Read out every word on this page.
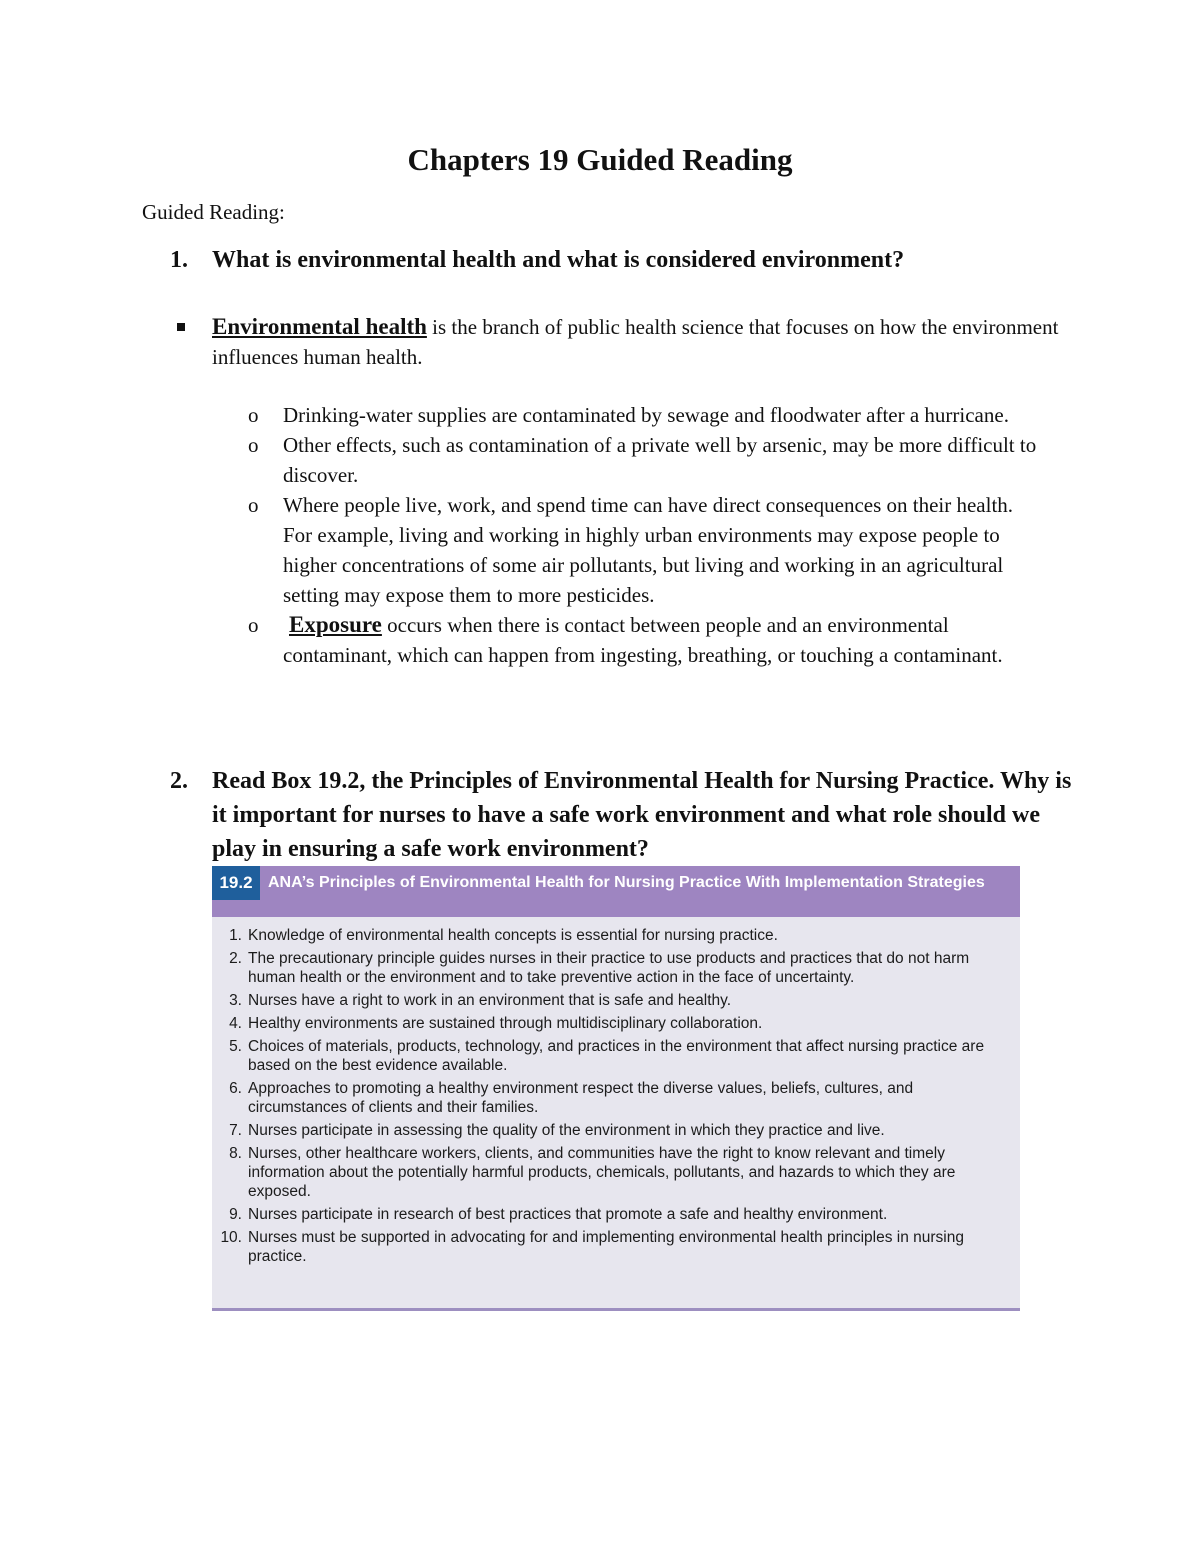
Chapters 19 Guided Reading
Guided Reading:
1. What is environmental health and what is considered environment?
Environmental health is the branch of public health science that focuses on how the environment influences human health.
o Drinking-water supplies are contaminated by sewage and floodwater after a hurricane.
o Other effects, such as contamination of a private well by arsenic, may be more difficult to discover.
o Where people live, work, and spend time can have direct consequences on their health. For example, living and working in highly urban environments may expose people to higher concentrations of some air pollutants, but living and working in an agricultural setting may expose them to more pesticides.
o Exposure occurs when there is contact between people and an environmental contaminant, which can happen from ingesting, breathing, or touching a contaminant.
2. Read Box 19.2, the Principles of Environmental Health for Nursing Practice. Why is it important for nurses to have a safe work environment and what role should we play in ensuring a safe work environment?
19.2 ANA’s Principles of Environmental Health for Nursing Practice With Implementation Strategies
1. Knowledge of environmental health concepts is essential for nursing practice.
2. The precautionary principle guides nurses in their practice to use products and practices that do not harm human health or the environment and to take preventive action in the face of uncertainty.
3. Nurses have a right to work in an environment that is safe and healthy.
4. Healthy environments are sustained through multidisciplinary collaboration.
5. Choices of materials, products, technology, and practices in the environment that affect nursing practice are based on the best evidence available.
6. Approaches to promoting a healthy environment respect the diverse values, beliefs, cultures, and circumstances of clients and their families.
7. Nurses participate in assessing the quality of the environment in which they practice and live.
8. Nurses, other healthcare workers, clients, and communities have the right to know relevant and timely information about the potentially harmful products, chemicals, pollutants, and hazards to which they are exposed.
9. Nurses participate in research of best practices that promote a safe and healthy environment.
10. Nurses must be supported in advocating for and implementing environmental health principles in nursing practice.
